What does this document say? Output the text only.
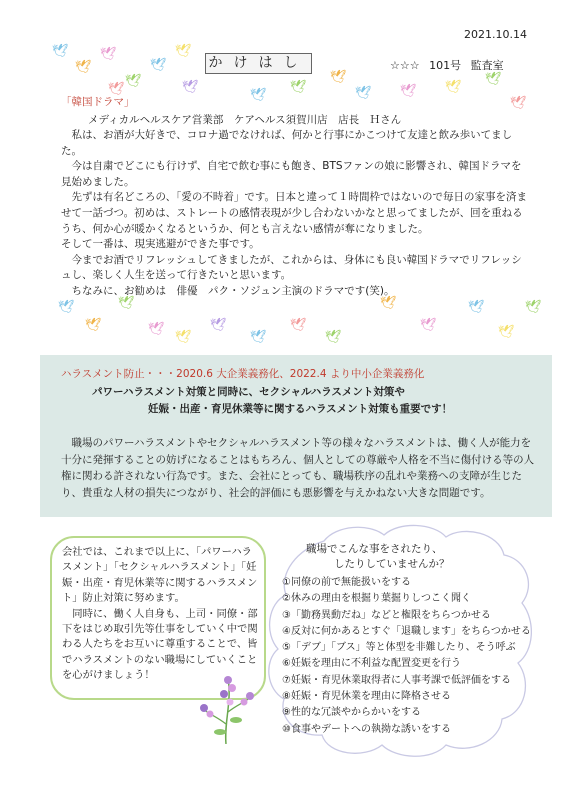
2021.10.14
かけはし	☆☆☆ 101号 監査室
🕊
🕊
🕊
🕊
🕊
🕊
🕊	🕊	🕊
🕊
🕊 🕊 🕊
🕊
🕊
🕊
「韓国ドラマ」
メディカルヘルスケア営業部　ケアヘルス須賀川店　店長　Ｈさん

私は、お酒が大好きで、コロナ過でなければ、何かと行事にかこつけて友達と飲み歩いてました。

今は自粛でどこにも行けず、自宅で飲む事にも飽き、BTSファンの娘に影響され、韓国ドラマを見始めました。

先ずは有名どころの、「愛の不時着」です。日本と違って１時間枠ではないので毎日の家事を済ませて一話づつ。初めは、ストレートの感情表現が少し合わないかなと思ってましたが、回を重ねるうち、何か心が暖かくなるというか、何とも言えない感情が奪になりました。

そして一番は、現実逃避ができた事です。

今までお酒でリフレッシュしてきましたが、これからは、身体にも良い韓国ドラマでリフレッシュし、楽しく人生を送って行きたいと思います。

ちなみに、お勧めは　俳優　パク・ソジュン主演のドラマです(笑)。

🕊
🕊
🕊
🕊
🕊
🕊
🕊
🕊
🕊
🕊
🕊
🕊
🕊
🕊
ハラスメント防止・・・2020.6 大企業義務化、2022.4 より中小企業義務化
パワーハラスメント対策と同時に、セクシャルハラスメント対策や
妊娠・出産・育児休業等に関するハラスメント対策も重要です！

職場のパワーハラスメントやセクシャルハラスメント等の様々なハラスメントは、働く人が能力を十分に発揮することの妨げになることはもちろん、個人としての尊厳や人格を不当に傷付ける等の人権に関わる許されない行為です。また、会社にとっても、職場秩序の乱れや業務への支障が生じたり、貴重な人材の損失につながり、社会的評価にも悪影響を与えかねない大きな問題です。

会社では、これまで以上に、「パワーハラスメント」「セクシャルハラスメント」「妊娠・出産・育児休業等に関するハラスメント」防止対策に努めます。

同時に、働く人自身も、上司・同僚・部下をはじめ取引先等仕事をしていく中で関わる人たちをお互いに尊重することで、皆でハラスメントのない職場にしていくことを心がけましょう！

職場でこんな事をされたり、
したりしていませんか？
①同僚の前で無能扱いをする
②休みの理由を根掘り葉掘りしつこく聞く
③「勤務異動だね」などと権限をちらつかせる
④反対に何かあるとすぐ「退職します」をちらつかせる
⑤「デブ」「ブス」等と体型を非難したり、そう呼ぶ
⑥妊娠を理由に不利益な配置変更を行う
⑦妊娠・育児休業取得者に人事考課で低評価をする
⑧妊娠・育児休業を理由に降格させる
⑨性的な冗談やからかいをする
⑩食事やデートへの執拗な誘いをする
